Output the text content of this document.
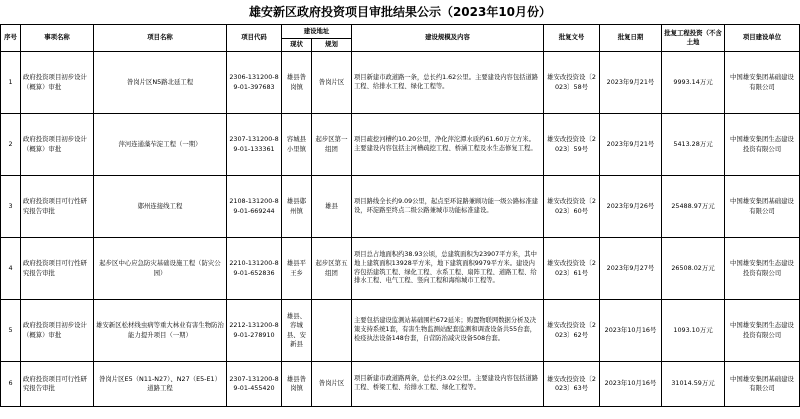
雄安新区政府投资项目审批结果公示（2023年10月份）
序号	事项名称	项目名称	项目代码	建设地址		建设规模及内容	批复文号	批复日期	批复工程投资（不含土地	项目建设单位
				现状	规划					
1	政府投资项目初步设计（概算）审批	昝岗片区N5路北延工程	2306-131200-89-01-397683	雄县昝岗镇	昝岗片区	项目新建市政道路一条，总长约1.62公里。主要建设内容包括道路工程、给排水工程、绿化工程等。	雄安改投资设〔2023〕58号	2023年9月21号	9993.14万元	中国雄安集团基础建设有限公司
2	政府投资项目初步设计（概算）审批	萍河连通藻苲淀工程（一期）	2307-131200-89-01-133361	容城县小里镇	起步区第一组团	项目疏挖河槽约10.20公里，净化萍沱潭水质约61.60万立方米。主要建设内容包括主河槽疏挖工程、桥涵工程及水生态修复工程。	雄安改投资设〔2023〕59号	2023年9月21号	5413.28万元	中国雄安集团生态建设投资有限公司
3	政府投资项目可行性研究报告审批	鄚州连接线工程	2108-131200-89-01-669244	雄县鄚州镇	雄县	项目路线全长约9.09公里，起点至环淀路兼顾功能一级公路标准建设，环淀路至终点二级公路兼城市功能标准建设。	雄安改投资设〔2023〕60号	2023年9月26号	25488.97万元	中国雄安集团基础建设有限公司
4	政府投资项目可行性研究报告审批	起步区中心应急防灾基础设施工程（防灾公园）	2210-131200-89-01-652836	雄县平王乡	起步区第五组团	项目总占地面积约38.93公顷，总建筑面积为23907平方米，其中地上建筑面积13928平方米，地下建筑面积9979平方米。建设内容包括建筑工程、绿化工程、水系工程、扇阵工程、道路工程、给排水工程、电气工程、竖向工程和海绵城市工程等。	雄安改投资设〔2023〕61号	2023年9月27号	26508.02万元	中国雄安集团生态建设投资有限公司
5	政府投资项目初步设计（概算）审批	雄安新区松材线虫病等重大林业有害生物防治能力提升项目（一期）	2212-131200-89-01-278910	雄县、容城县、安新县		主要包括建设监测站基础围栏672延米；购置物联网数据分析及决策支持系统1套，有害生物监测站配套监测和调查设备共55台套，检疫执法设备148台套，自营防治减灾设备508台套。	雄安改投资设〔2023〕62号	2023年10月16号	1093.10万元	中国雄安集团生态建设投资有限公司
6	政府投资项目可行性研究报告审批	昝岗片区E5（N11-N27）、N27（E5-E1）道路工程	2307-131200-89-01-455420	雄县昝岗镇	昝岗片区	项目新建市政道路两条，总长约3.02公里。主要建设内容包括道路工程、桥梁工程、给排水工程、绿化工程等。	雄安改投资设〔2023〕63号	2023年10月16号	31014.59万元	中国雄安集团基础建设有限公司
